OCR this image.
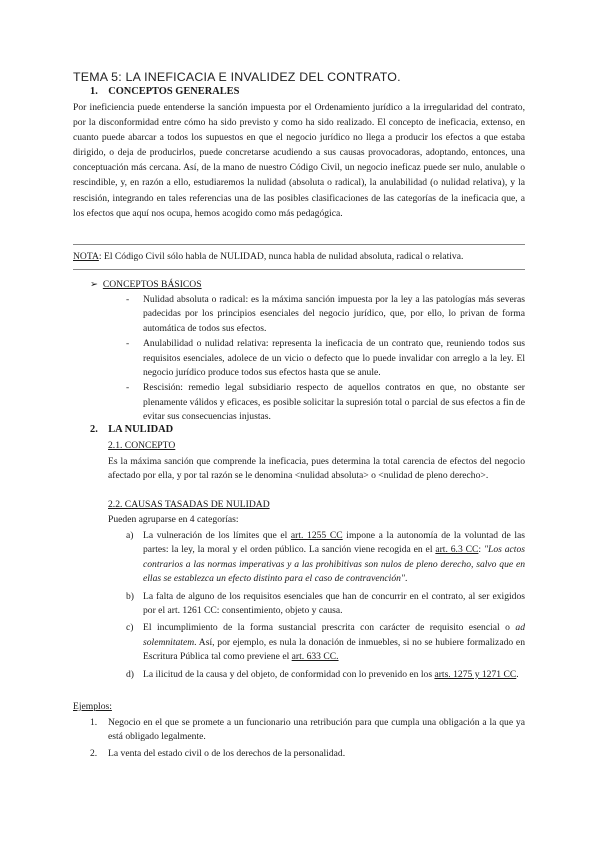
TEMA 5: LA INEFICACIA E INVALIDEZ DEL CONTRATO.
1. CONCEPTOS GENERALES
Por ineficiencia puede entenderse la sanción impuesta por el Ordenamiento jurídico a la irregularidad del contrato, por la disconformidad entre cómo ha sido previsto y como ha sido realizado. El concepto de ineficacia, extenso, en cuanto puede abarcar a todos los supuestos en que el negocio jurídico no llega a producir los efectos a que estaba dirigido, o deja de producirlos, puede concretarse acudiendo a sus causas provocadoras, adoptando, entonces, una conceptuación más cercana. Así, de la mano de nuestro Código Civil, un negocio ineficaz puede ser nulo, anulable o rescindible, y, en razón a ello, estudiaremos la nulidad (absoluta o radical), la anulabilidad (o nulidad relativa), y la rescisión, integrando en tales referencias una de las posibles clasificaciones de las categorías de la ineficacia que, a los efectos que aquí nos ocupa, hemos acogido como más pedagógica.
NOTA: El Código Civil sólo habla de NULIDAD, nunca habla de nulidad absoluta, radical o relativa.
➢ CONCEPTOS BÁSICOS
- Nulidad absoluta o radical: es la máxima sanción impuesta por la ley a las patologías más severas padecidas por los principios esenciales del negocio jurídico, que, por ello, lo privan de forma automática de todos sus efectos.
- Anulabilidad o nulidad relativa: representa la ineficacia de un contrato que, reuniendo todos sus requisitos esenciales, adolece de un vicio o defecto que lo puede invalidar con arreglo a la ley. El negocio jurídico produce todos sus efectos hasta que se anule.
- Rescisión: remedio legal subsidiario respecto de aquellos contratos en que, no obstante ser plenamente válidos y eficaces, es posible solicitar la supresión total o parcial de sus efectos a fin de evitar sus consecuencias injustas.
2. LA NULIDAD
2.1. CONCEPTO
Es la máxima sanción que comprende la ineficacia, pues determina la total carencia de efectos del negocio afectado por ella, y por tal razón se le denomina <nulidad absoluta> o <nulidad de pleno derecho>.
2.2. CAUSAS TASADAS DE NULIDAD
Pueden agruparse en 4 categorías:
a) La vulneración de los límites que el art. 1255 CC impone a la autonomía de la voluntad de las partes: la ley, la moral y el orden público. La sanción viene recogida en el art. 6.3 CC: "Los actos contrarios a las normas imperativas y a las prohibitivas son nulos de pleno derecho, salvo que en ellas se establezca un efecto distinto para el caso de contravención".
b) La falta de alguno de los requisitos esenciales que han de concurrir en el contrato, al ser exigidos por el art. 1261 CC: consentimiento, objeto y causa.
c) El incumplimiento de la forma sustancial prescrita con carácter de requisito esencial o ad solemnitatem. Así, por ejemplo, es nula la donación de inmuebles, si no se hubiere formalizado en Escritura Pública tal como previene el art. 633 CC.
d) La ilicitud de la causa y del objeto, de conformidad con lo prevenido en los arts. 1275 y 1271 CC.
Ejemplos:
1. Negocio en el que se promete a un funcionario una retribución para que cumpla una obligación a la que ya está obligado legalmente.
2. La venta del estado civil o de los derechos de la personalidad.
